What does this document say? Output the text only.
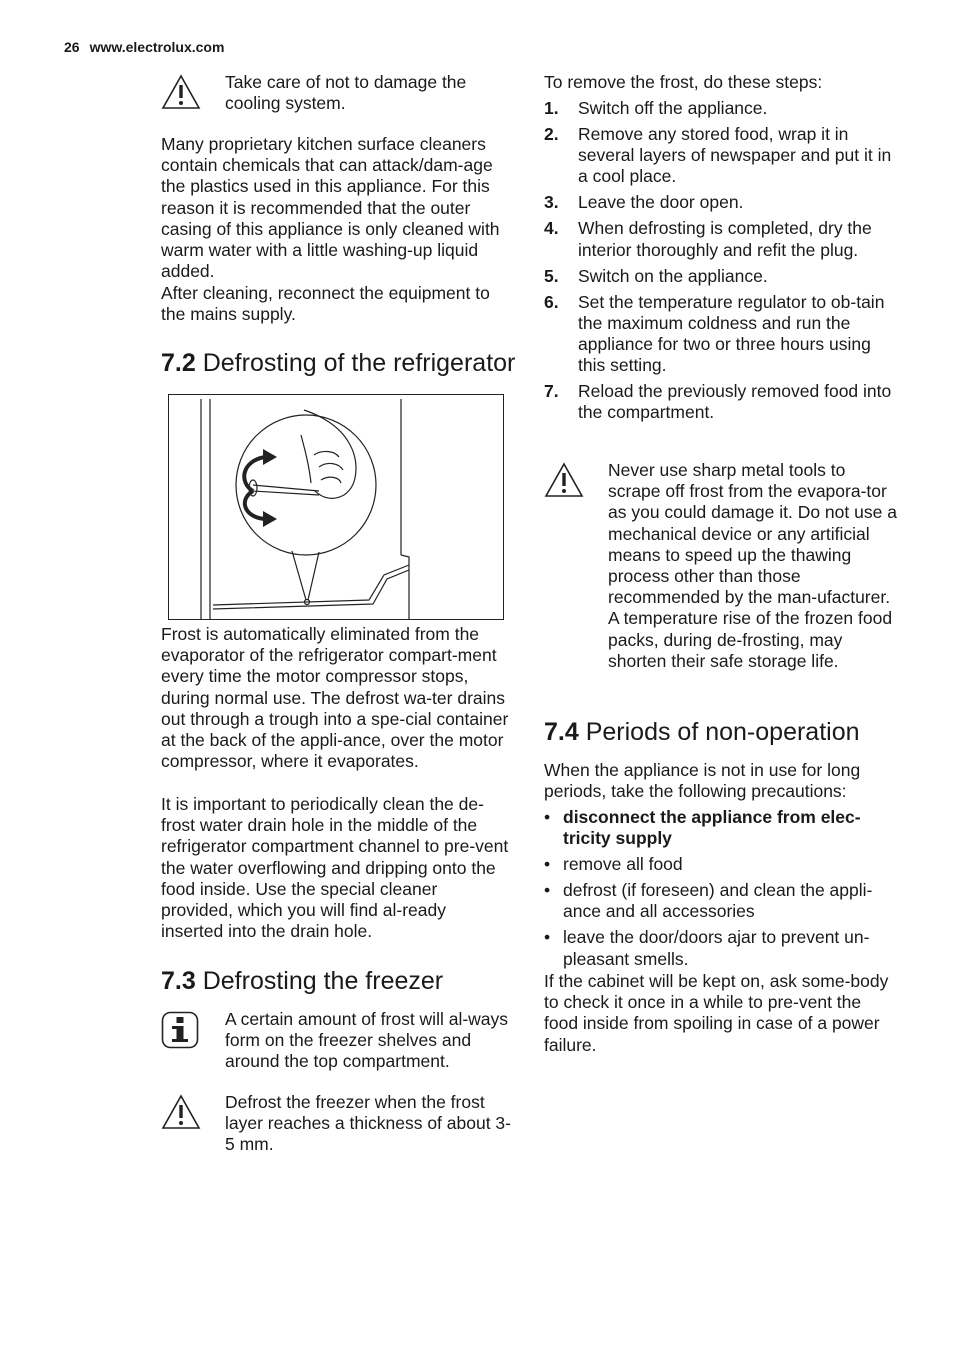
26 www.electrolux.com

Take care of not to damage the cooling system.

Many proprietary kitchen surface cleaners contain chemicals that can attack/dam-age the plastics used in this appliance. For this reason it is recommended that the outer casing of this appliance is only cleaned with warm water with a little washing-up liquid added.

After cleaning, reconnect the equipment to the mains supply.

7.2 Defrosting of the refrigerator

Frost is automatically eliminated from the evaporator of the refrigerator compart-ment every time the motor compressor stops, during normal use. The defrost wa-ter drains out through a trough into a spe-cial container at the back of the appli-ance, over the motor compressor, where it evaporates.

It is important to periodically clean the de-frost water drain hole in the middle of the refrigerator compartment channel to pre-vent the water overflowing and dripping onto the food inside. Use the special cleaner provided, which you will find al-ready inserted into the drain hole.

7.3 Defrosting the freezer

A certain amount of frost will al-ways form on the freezer shelves and around the top compartment.

Defrost the freezer when the frost layer reaches a thickness of about 3-5 mm.

To remove the frost, do these steps:

1.	Switch off the appliance.
2.	Remove any stored food, wrap it in several layers of newspaper and put it in a cool place.
3.	Leave the door open.
4.	When defrosting is completed, dry the interior thoroughly and refit the plug.
5.	Switch on the appliance.
6.	Set the temperature regulator to ob-tain the maximum coldness and run the appliance for two or three hours using this setting.
7.	Reload the previously removed food into the compartment.

Never use sharp metal tools to scrape off frost from the evapora-tor as you could damage it. Do not use a mechanical device or any artificial means to speed up the thawing process other than those recommended by the man-ufacturer. A temperature rise of the frozen food packs, during de-frosting, may shorten their safe storage life.

7.4 Periods of non-operation

When the appliance is not in use for long periods, take the following precautions:

• disconnect the appliance from elec-tricity supply
• remove all food
• defrost (if foreseen) and clean the appli-ance and all accessories
• leave the door/doors ajar to prevent un-pleasant smells.

If the cabinet will be kept on, ask some-body to check it once in a while to pre-vent the food inside from spoiling in case of a power failure.
